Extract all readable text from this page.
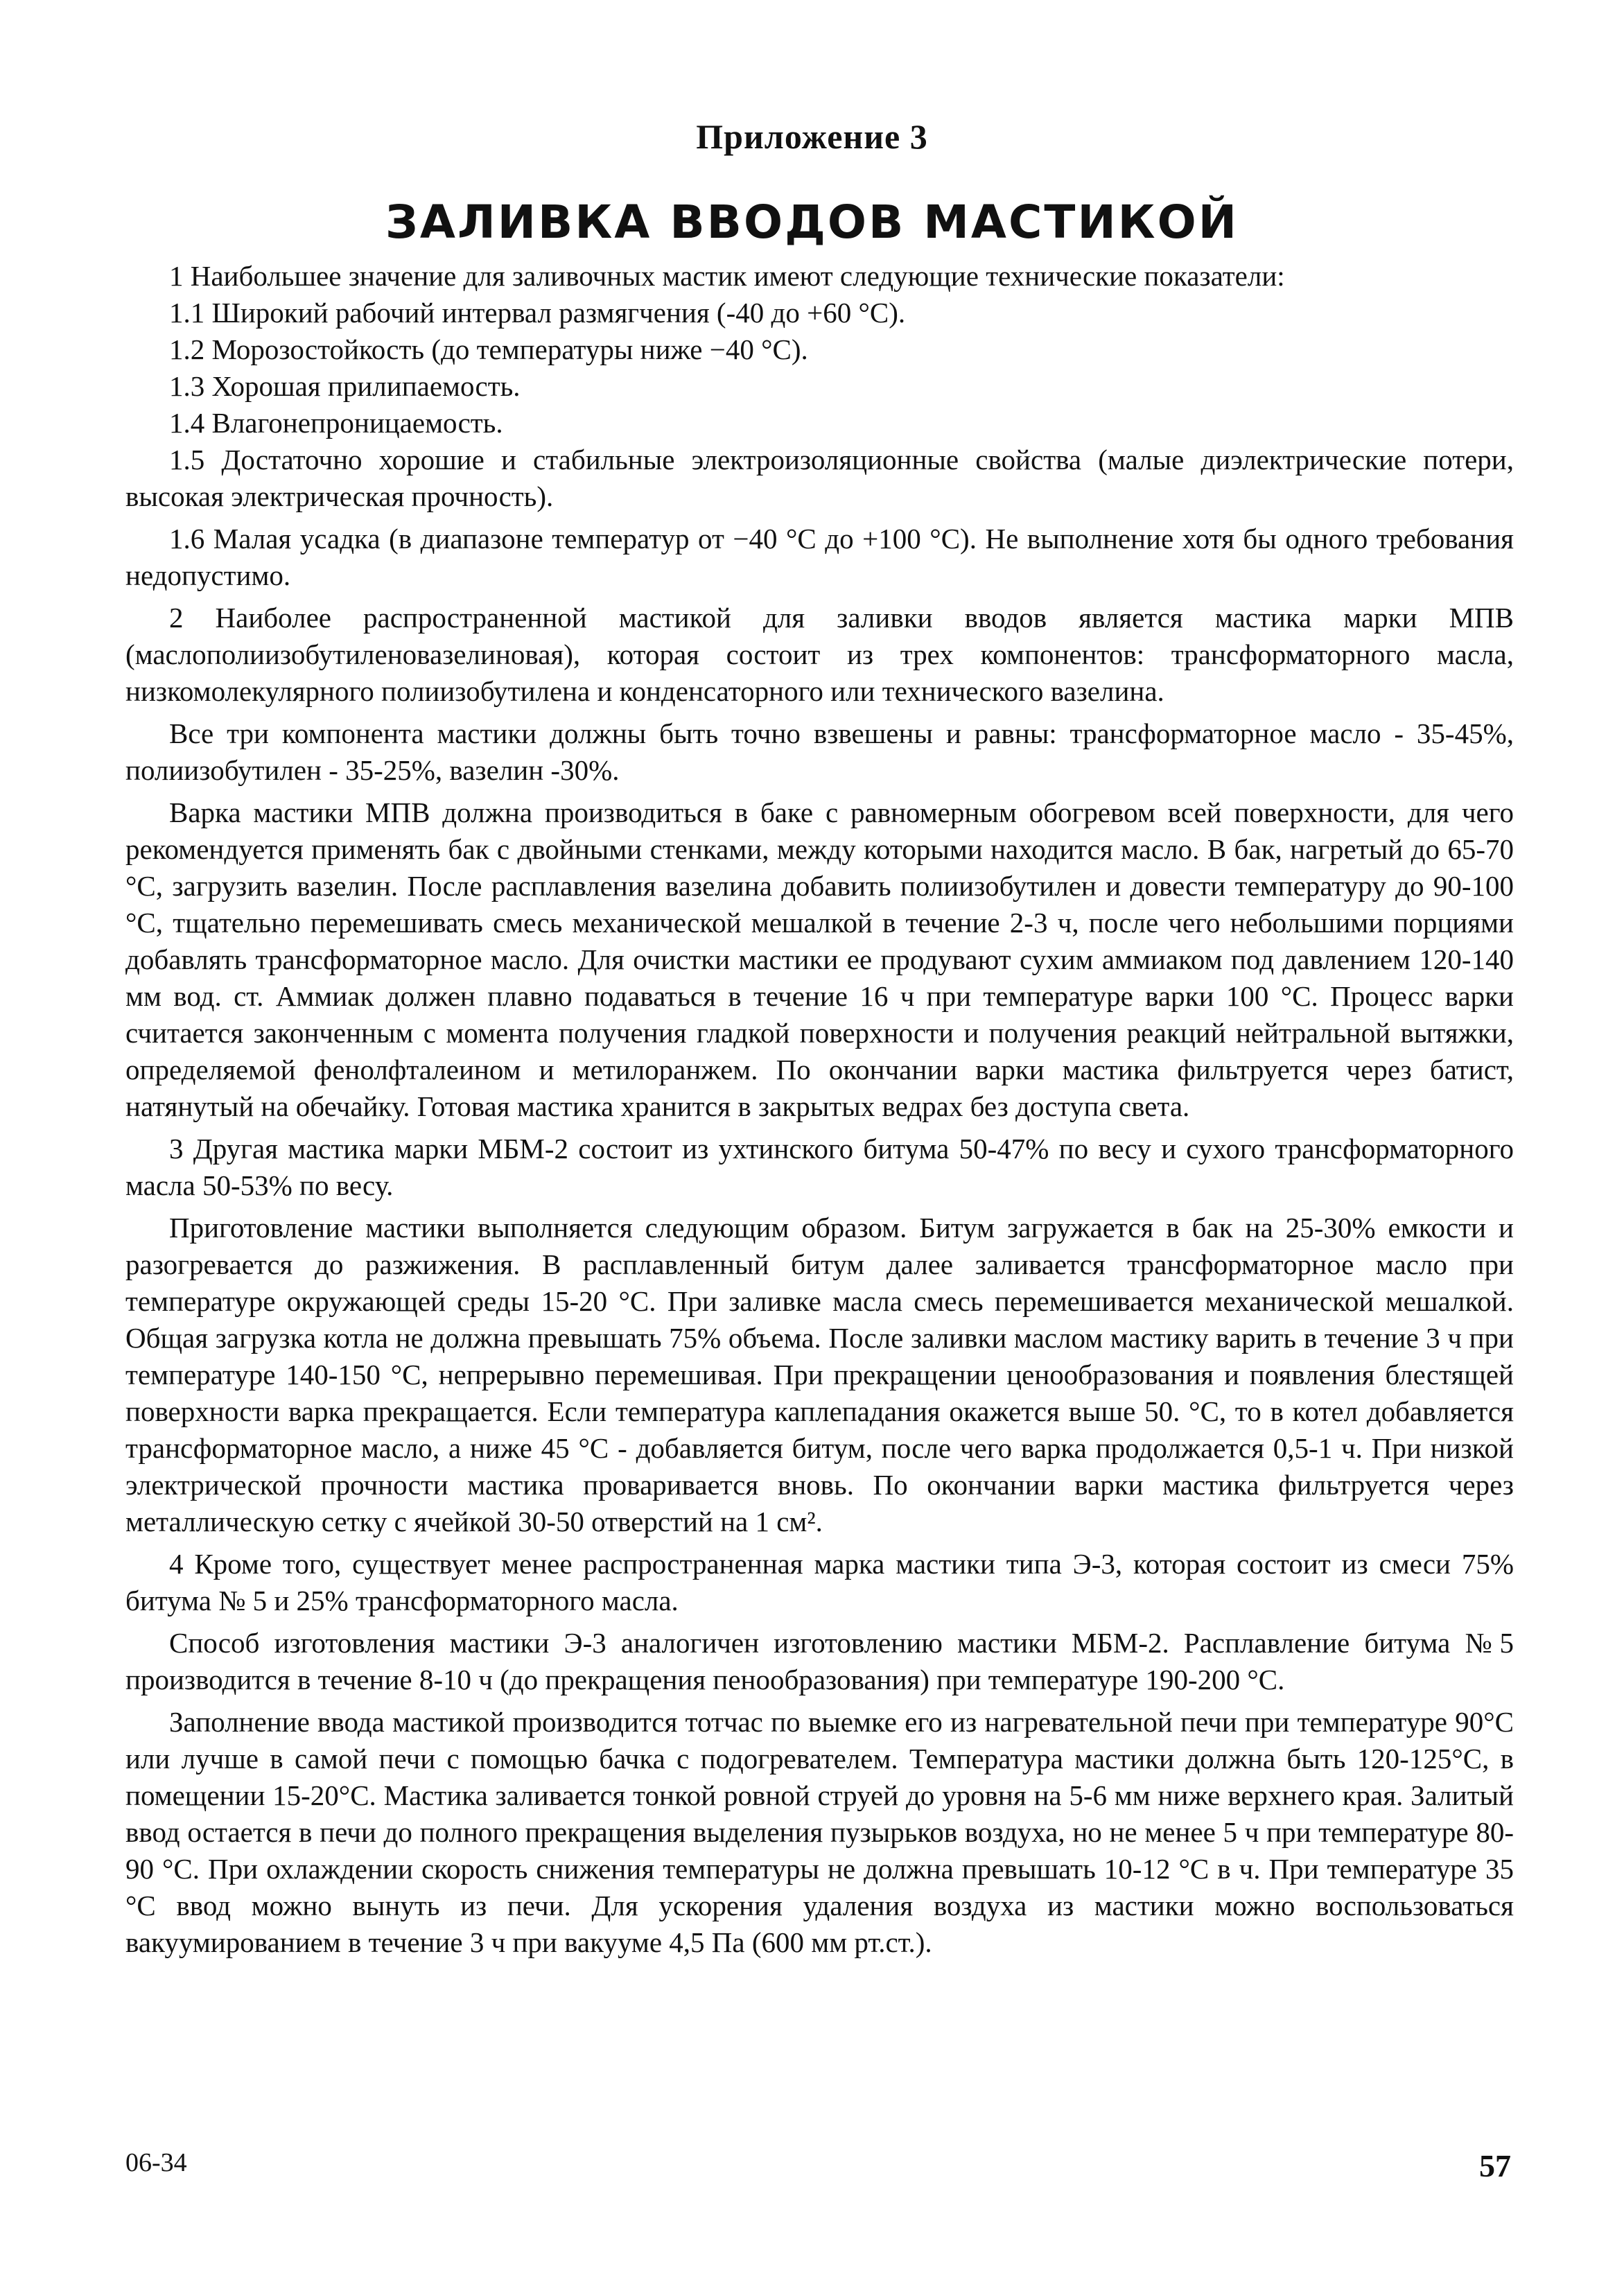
Приложение 3
ЗАЛИВКА ВВОДОВ МАСТИКОЙ

1 Наибольшее значение для заливочных мастик имеют следующие технические показатели:

1.1 Широкий рабочий интервал размягчения (-40 до +60 °С).

1.2 Морозостойкость (до температуры ниже −40 °С).

1.3 Хорошая прилипаемость.

1.4 Влагонепроницаемость.

1.5 Достаточно хорошие и стабильные электроизоляционные свойства (малые диэлектрические потери, высокая электрическая прочность).

1.6 Малая усадка (в диапазоне температур от −40 °С до +100 °С). Не выполнение хотя бы одного требования недопустимо.

2 Наиболее распространенной мастикой для заливки вводов является мастика марки МПВ (маслополиизобутиленовазелиновая), которая состоит из трех компонентов: трансформаторного масла, низкомолекулярного полиизобутилена и конденсаторного или технического вазелина.

Все три компонента мастики должны быть точно взвешены и равны: трансформаторное масло - 35-45%, полиизобутилен - 35-25%, вазелин -30%.

Варка мастики МПВ должна производиться в баке с равномерным обогревом всей поверхности, для чего рекомендуется применять бак с двойными стенками, между которыми находится масло. В бак, нагретый до 65-70 °С, загрузить вазелин. После расплавления вазелина добавить полиизобутилен и довести температуру до 90-100 °С, тщательно перемешивать смесь механической мешалкой в течение 2-3 ч, после чего небольшими порциями добавлять трансформаторное масло. Для очистки мастики ее продувают сухим аммиаком под давлением 120-140 мм вод. ст. Аммиак должен плавно подаваться в течение 16 ч при температуре варки 100 °С. Процесс варки считается законченным с момента получения гладкой поверхности и получения реакций нейтральной вытяжки, определяемой фенолфталеином и метилоранжем. По окончании варки мастика фильтруется через батист, натянутый на обечайку. Готовая мастика хранится в закрытых ведрах без доступа света.

3 Другая мастика марки МБМ-2 состоит из ухтинского битума 50-47% по весу и сухого трансформаторного масла 50-53% по весу.

Приготовление мастики выполняется следующим образом. Битум загружается в бак на 25-30% емкости и разогревается до разжижения. В расплавленный битум далее заливается трансформаторное масло при температуре окружающей среды 15-20 °С. При заливке масла смесь перемешивается механической мешалкой. Общая загрузка котла не должна превышать 75% объема. После заливки маслом мастику варить в течение 3 ч при температуре 140-150 °С, непрерывно перемешивая. При прекращении ценообразования и появления блестящей поверхности варка прекращается. Если температура каплепадания окажется выше 50. °С, то в котел добавляется трансформаторное масло, а ниже 45 °С - добавляется битум, после чего варка продолжается 0,5-1 ч. При низкой электрической прочности мастика проваривается вновь. По окончании варки мастика фильтруется через металлическую сетку с ячейкой 30-50 отверстий на 1 см².

4 Кроме того, существует менее распространенная марка мастики типа Э-3, которая состоит из смеси 75% битума № 5 и 25% трансформаторного масла.

Способ изготовления мастики Э-3 аналогичен изготовлению мастики МБМ-2. Расплавление битума №5 производится в течение 8-10 ч (до прекращения пенообразования) при температуре 190-200 °С.

Заполнение ввода мастикой производится тотчас по выемке его из нагревательной печи при температуре 90°С или лучше в самой печи с помощью бачка с подогревателем. Температура мастики должна быть 120-125°С, в помещении 15-20°С. Мастика заливается тонкой ровной струей до уровня на 5-6 мм ниже верхнего края. Залитый ввод остается в печи до полного прекращения выделения пузырьков воздуха, но не менее 5 ч при температуре 80-90 °С. При охлаждении скорость снижения температуры не должна превышать 10-12 °С в ч. При температуре 35 °С ввод можно вынуть из печи. Для ускорения удаления воздуха из мастики можно воспользоваться вакуумированием в течение 3 ч при вакууме 4,5 Па (600 мм рт.ст.).

06-34	57
